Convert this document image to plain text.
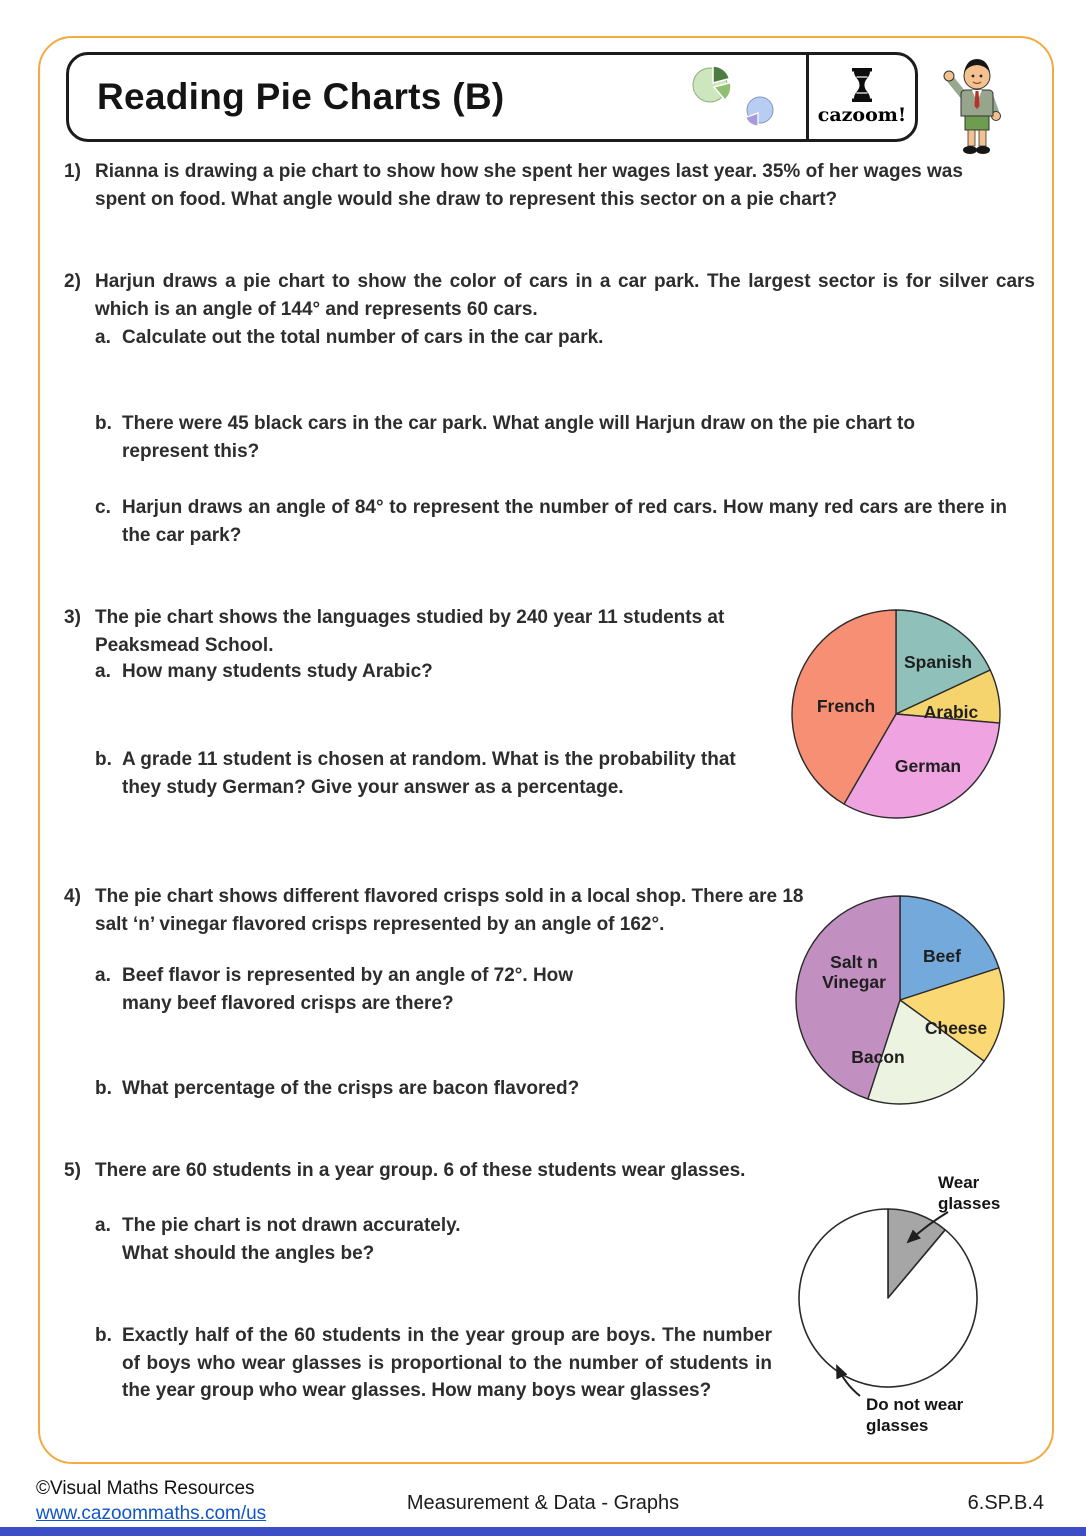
Reading Pie Charts (B)	cazoom!
1) Rianna is drawing a pie chart to show how she spent her wages last year. 35% of her wages was spent on food. What angle would she draw to represent this sector on a pie chart?
2) Harjun draws a pie chart to show the color of cars in a car park. The largest sector is for silver cars which is an angle of 144° and represents 60 cars.
a. Calculate out the total number of cars in the car park.
b. There were 45 black cars in the car park. What angle will Harjun draw on the pie chart to represent this?
c. Harjun draws an angle of 84° to represent the number of red cars. How many red cars are there in the car park?
3) The pie chart shows the languages studied by 240 year 11 students at Peaksmead School.
a. How many students study Arabic?
b. A grade 11 student is chosen at random. What is the probability that they study German? Give your answer as a percentage.
Spanish
Arabic
German
French
4) The pie chart shows different flavored crisps sold in a local shop. There are 18 salt ‘n’ vinegar flavored crisps represented by an angle of 162°.
a. Beef flavor is represented by an angle of 72°. How many beef flavored crisps are there?
b. What percentage of the crisps are bacon flavored?
Beef
Cheese
Bacon
Salt n Vinegar
5) There are 60 students in a year group. 6 of these students wear glasses.
a. The pie chart is not drawn accurately. What should the angles be?
b. Exactly half of the 60 students in the year group are boys. The number of boys who wear glasses is proportional to the number of students in the year group who wear glasses. How many boys wear glasses?
Wear glasses
Do not wear glasses
©Visual Maths Resources
www.cazoommaths.com/us	Measurement & Data - Graphs	6.SP.B.4
